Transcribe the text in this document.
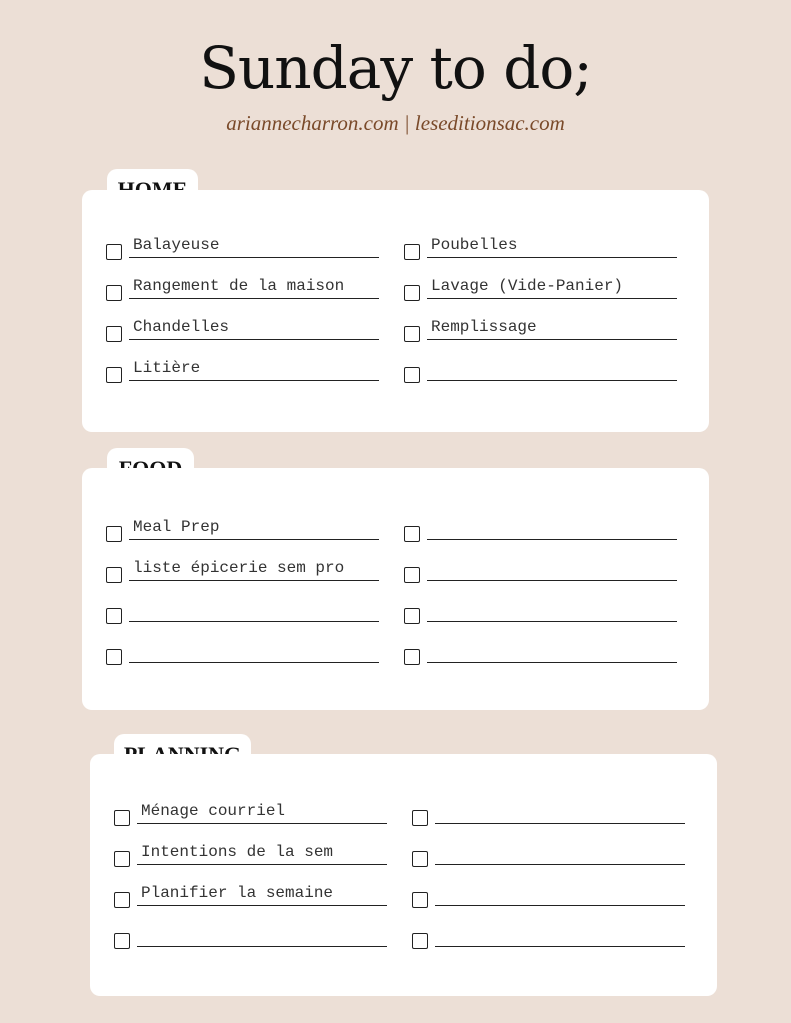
Sunday to do;
ariannecharron.com | leseditionsac.com
Balayeuse
Rangement de la maison
Chandelles
Litière
Poubelles
Lavage (Vide-Panier)
Remplissage
Meal Prep
liste épicerie sem pro
Ménage courriel
Intentions de la sem
Planifier la semaine
